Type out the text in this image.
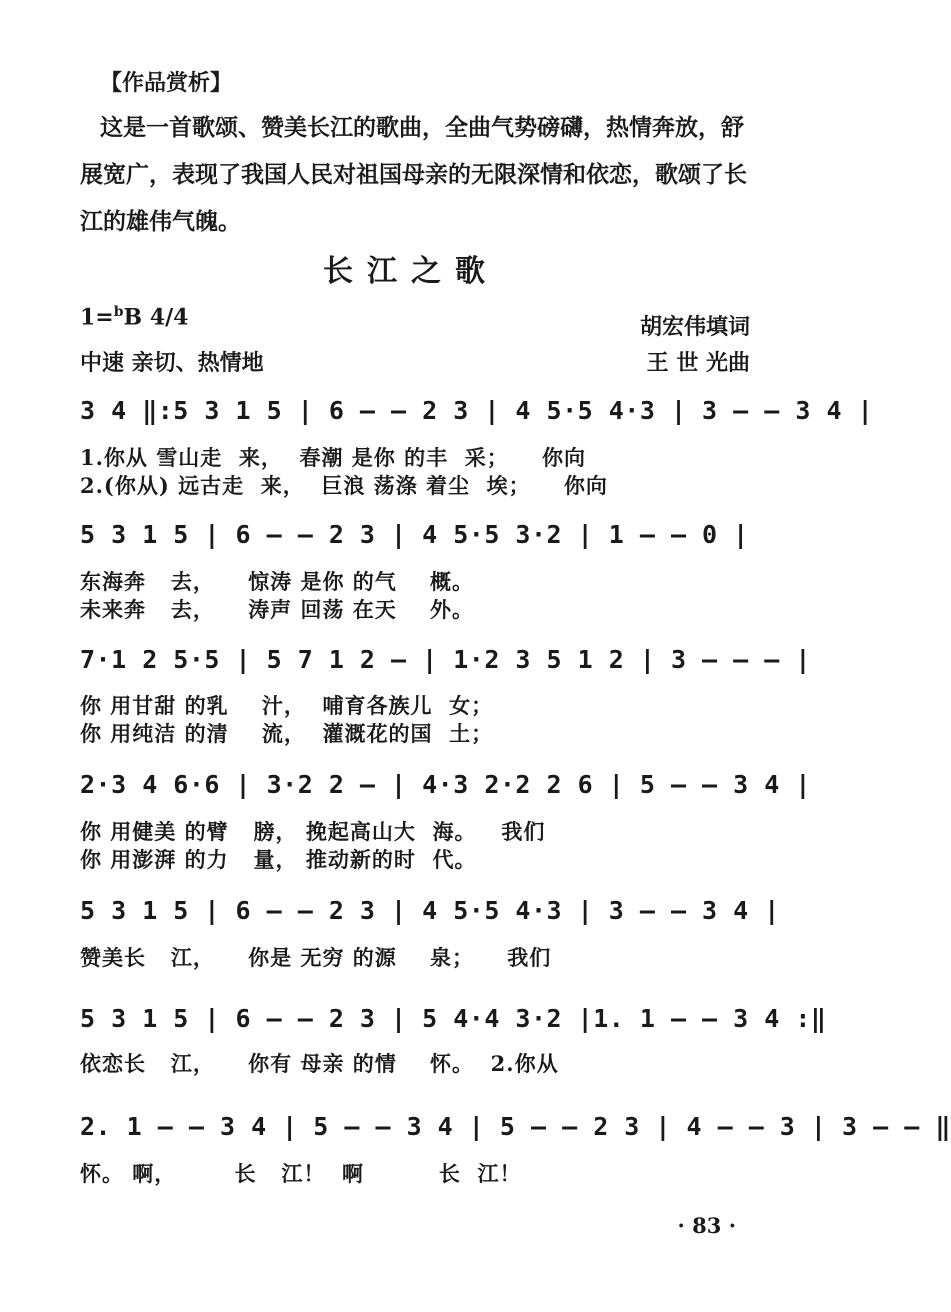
【作品赏析】
这是一首歌颂、赞美长江的歌曲，全曲气势磅礴，热情奔放，舒展宽广，表现了我国人民对祖国母亲的无限深情和依恋，歌颂了长江的雄伟气魄。
长江之歌
1=$^b$B 4/4
中速 亲切、热情地
胡宏伟填词
王 世 光曲
3 4 ‖:5 3 1 5 | 6 — — 2 3 | 4 5·5 4·3 | 3 — — 3 4 |
1.你从 雪山走  来，  春潮 是你 的丰  采；    你向
2.(你从) 远古走  来，  巨浪 荡涤 着尘  埃；    你向
5 3 1 5 | 6 — — 2 3 | 4 5·5 3·2 | 1 — — 0 |
东海奔   去，    惊涛 是你 的气    概。
未来奔   去，    涛声 回荡 在天    外。
7·1 2 5·5 | 5 7 1 2 — | 1·2 3 5 1 2 | 3 — — — |
你 用甘甜 的乳    汁，  哺育各族儿  女；
你 用纯洁 的清    流，  灌溉花的国  土；
2·3 4 6·6 | 3·2 2 — | 4·3 2·2 2 6 | 5 — — 3 4 |
你 用健美 的臂   膀， 挽起高山大  海。   我们
你 用澎湃 的力   量， 推动新的时  代。
5 3 1 5 | 6 — — 2 3 | 4 5·5 4·3 | 3 — — 3 4 |
赞美长   江，    你是 无穷 的源    泉；    我们
5 3 1 5 | 6 — — 2 3 | 5 4·4 3·2 |1. 1 — — 3 4 :‖
依恋长   江，    你有 母亲 的情    怀。  2.你从
2. 1 — — 3 4 | 5 — — 3 4 | 5 — — 2 3 | 4 — — 3 | 3 — — ‖
怀。 啊，       长   江！  啊         长  江！
· 83 ·
